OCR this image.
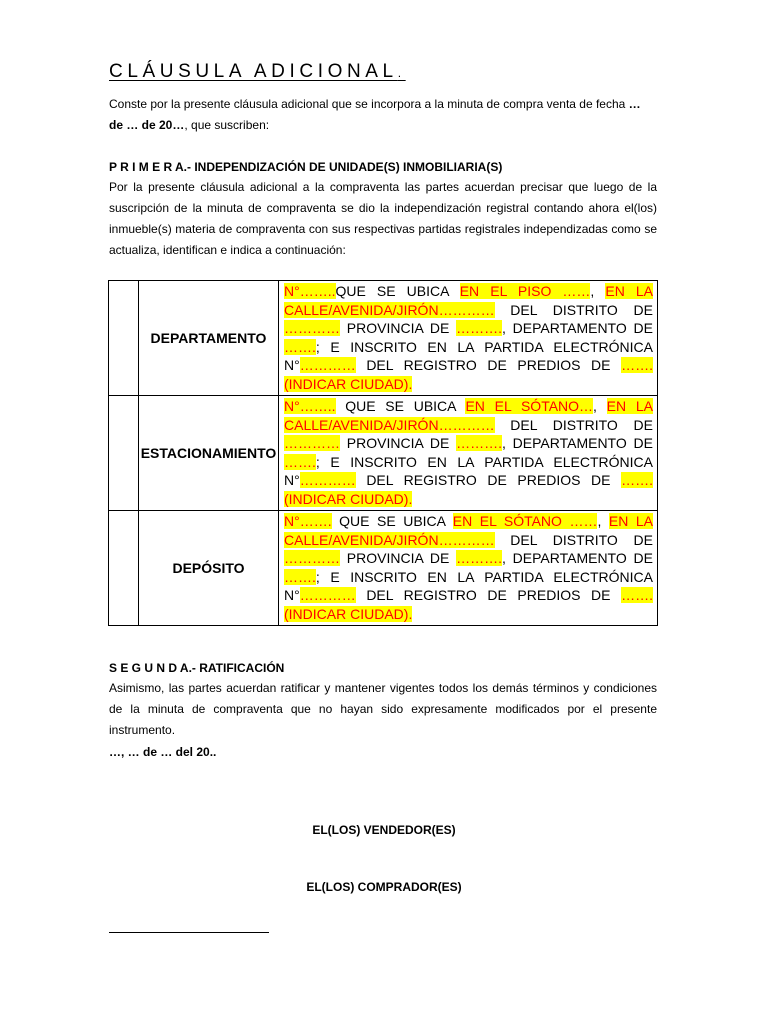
CLÁUSULA ADICIONAL.

Conste por la presente cláusula adicional que se incorpora a la minuta de compra venta de fecha … de … de 20…, que suscriben:

P R I M E R A.- INDEPENDIZACIÓN DE UNIDADE(S) INMOBILIARIA(S)

Por la presente cláusula adicional a la compraventa las partes acuerdan precisar que luego de la suscripción de la minuta de compraventa se dio la independización registral contando ahora el(los) inmueble(s) materia de compraventa con sus respectivas partidas registrales independizadas como se actualiza, identifican e indica a continuación:

	DEPARTAMENTO	N°……..QUE SE UBICA EN EL PISO ……, EN LA CALLE/AVENIDA/JIRÓN………… DEL DISTRITO DE ………… PROVINCIA DE ………., DEPARTAMENTO DE …….; E INSCRITO EN LA PARTIDA ELECTRÓNICA N°………… DEL REGISTRO DE PREDIOS DE ……. (INDICAR CIUDAD).
	ESTACIONAMIENTO	N°…….. QUE SE UBICA EN EL SÓTANO…, EN LA CALLE/AVENIDA/JIRÓN………… DEL DISTRITO DE ………… PROVINCIA DE ………., DEPARTAMENTO DE …….; E INSCRITO EN LA PARTIDA ELECTRÓNICA N°………… DEL REGISTRO DE PREDIOS DE ……. (INDICAR CIUDAD).
	DEPÓSITO	N°……. QUE SE UBICA EN EL SÓTANO ……, EN LA CALLE/AVENIDA/JIRÓN………… DEL DISTRITO DE ………… PROVINCIA DE ………., DEPARTAMENTO DE …….; E INSCRITO EN LA PARTIDA ELECTRÓNICA N°………… DEL REGISTRO DE PREDIOS DE ……. (INDICAR CIUDAD).
S E G U N D A.- RATIFICACIÓN

Asimismo, las partes acuerdan ratificar y mantener vigentes todos los demás términos y condiciones de la minuta de compraventa que no hayan sido expresamente modificados por el presente instrumento.

…, … de … del 20..
EL(LOS) VENDEDOR(ES)
EL(LOS) COMPRADOR(ES)
